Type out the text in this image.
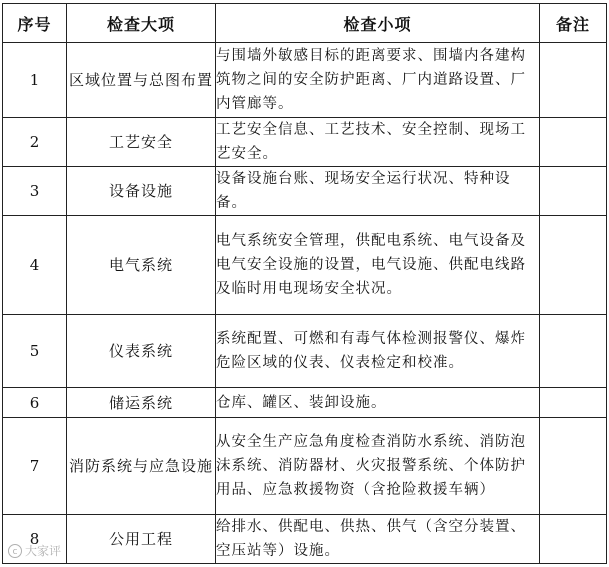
序号	检查大项	检查小项	备注
1	区域位置与总图布置	与围墙外敏感目标的距离要求、围墙内各建构筑物之间的安全防护距离、厂内道路设置、厂内管廊等。	
2	工艺安全	工艺安全信息、工艺技术、安全控制、现场工艺安全。	
3	设备设施	设备设施台账、现场安全运行状况、特种设备。	
4	电气系统	电气系统安全管理，供配电系统、电气设备及电气安全设施的设置，电气设施、供配电线路及临时用电现场安全状况。	
5	仪表系统	系统配置、可燃和有毒气体检测报警仪、爆炸危险区域的仪表、仪表检定和校准。	
6	储运系统	仓库、罐区、装卸设施。	
7	消防系统与应急设施	从安全生产应急角度检查消防水系统、消防泡沫系统、消防器材、火灾报警系统、个体防护用品、应急救援物资（含抢险救援车辆）	
8	公用工程	给排水、供配电、供热、供气（含空分装置、空压站等）设施。	
c 大家评
